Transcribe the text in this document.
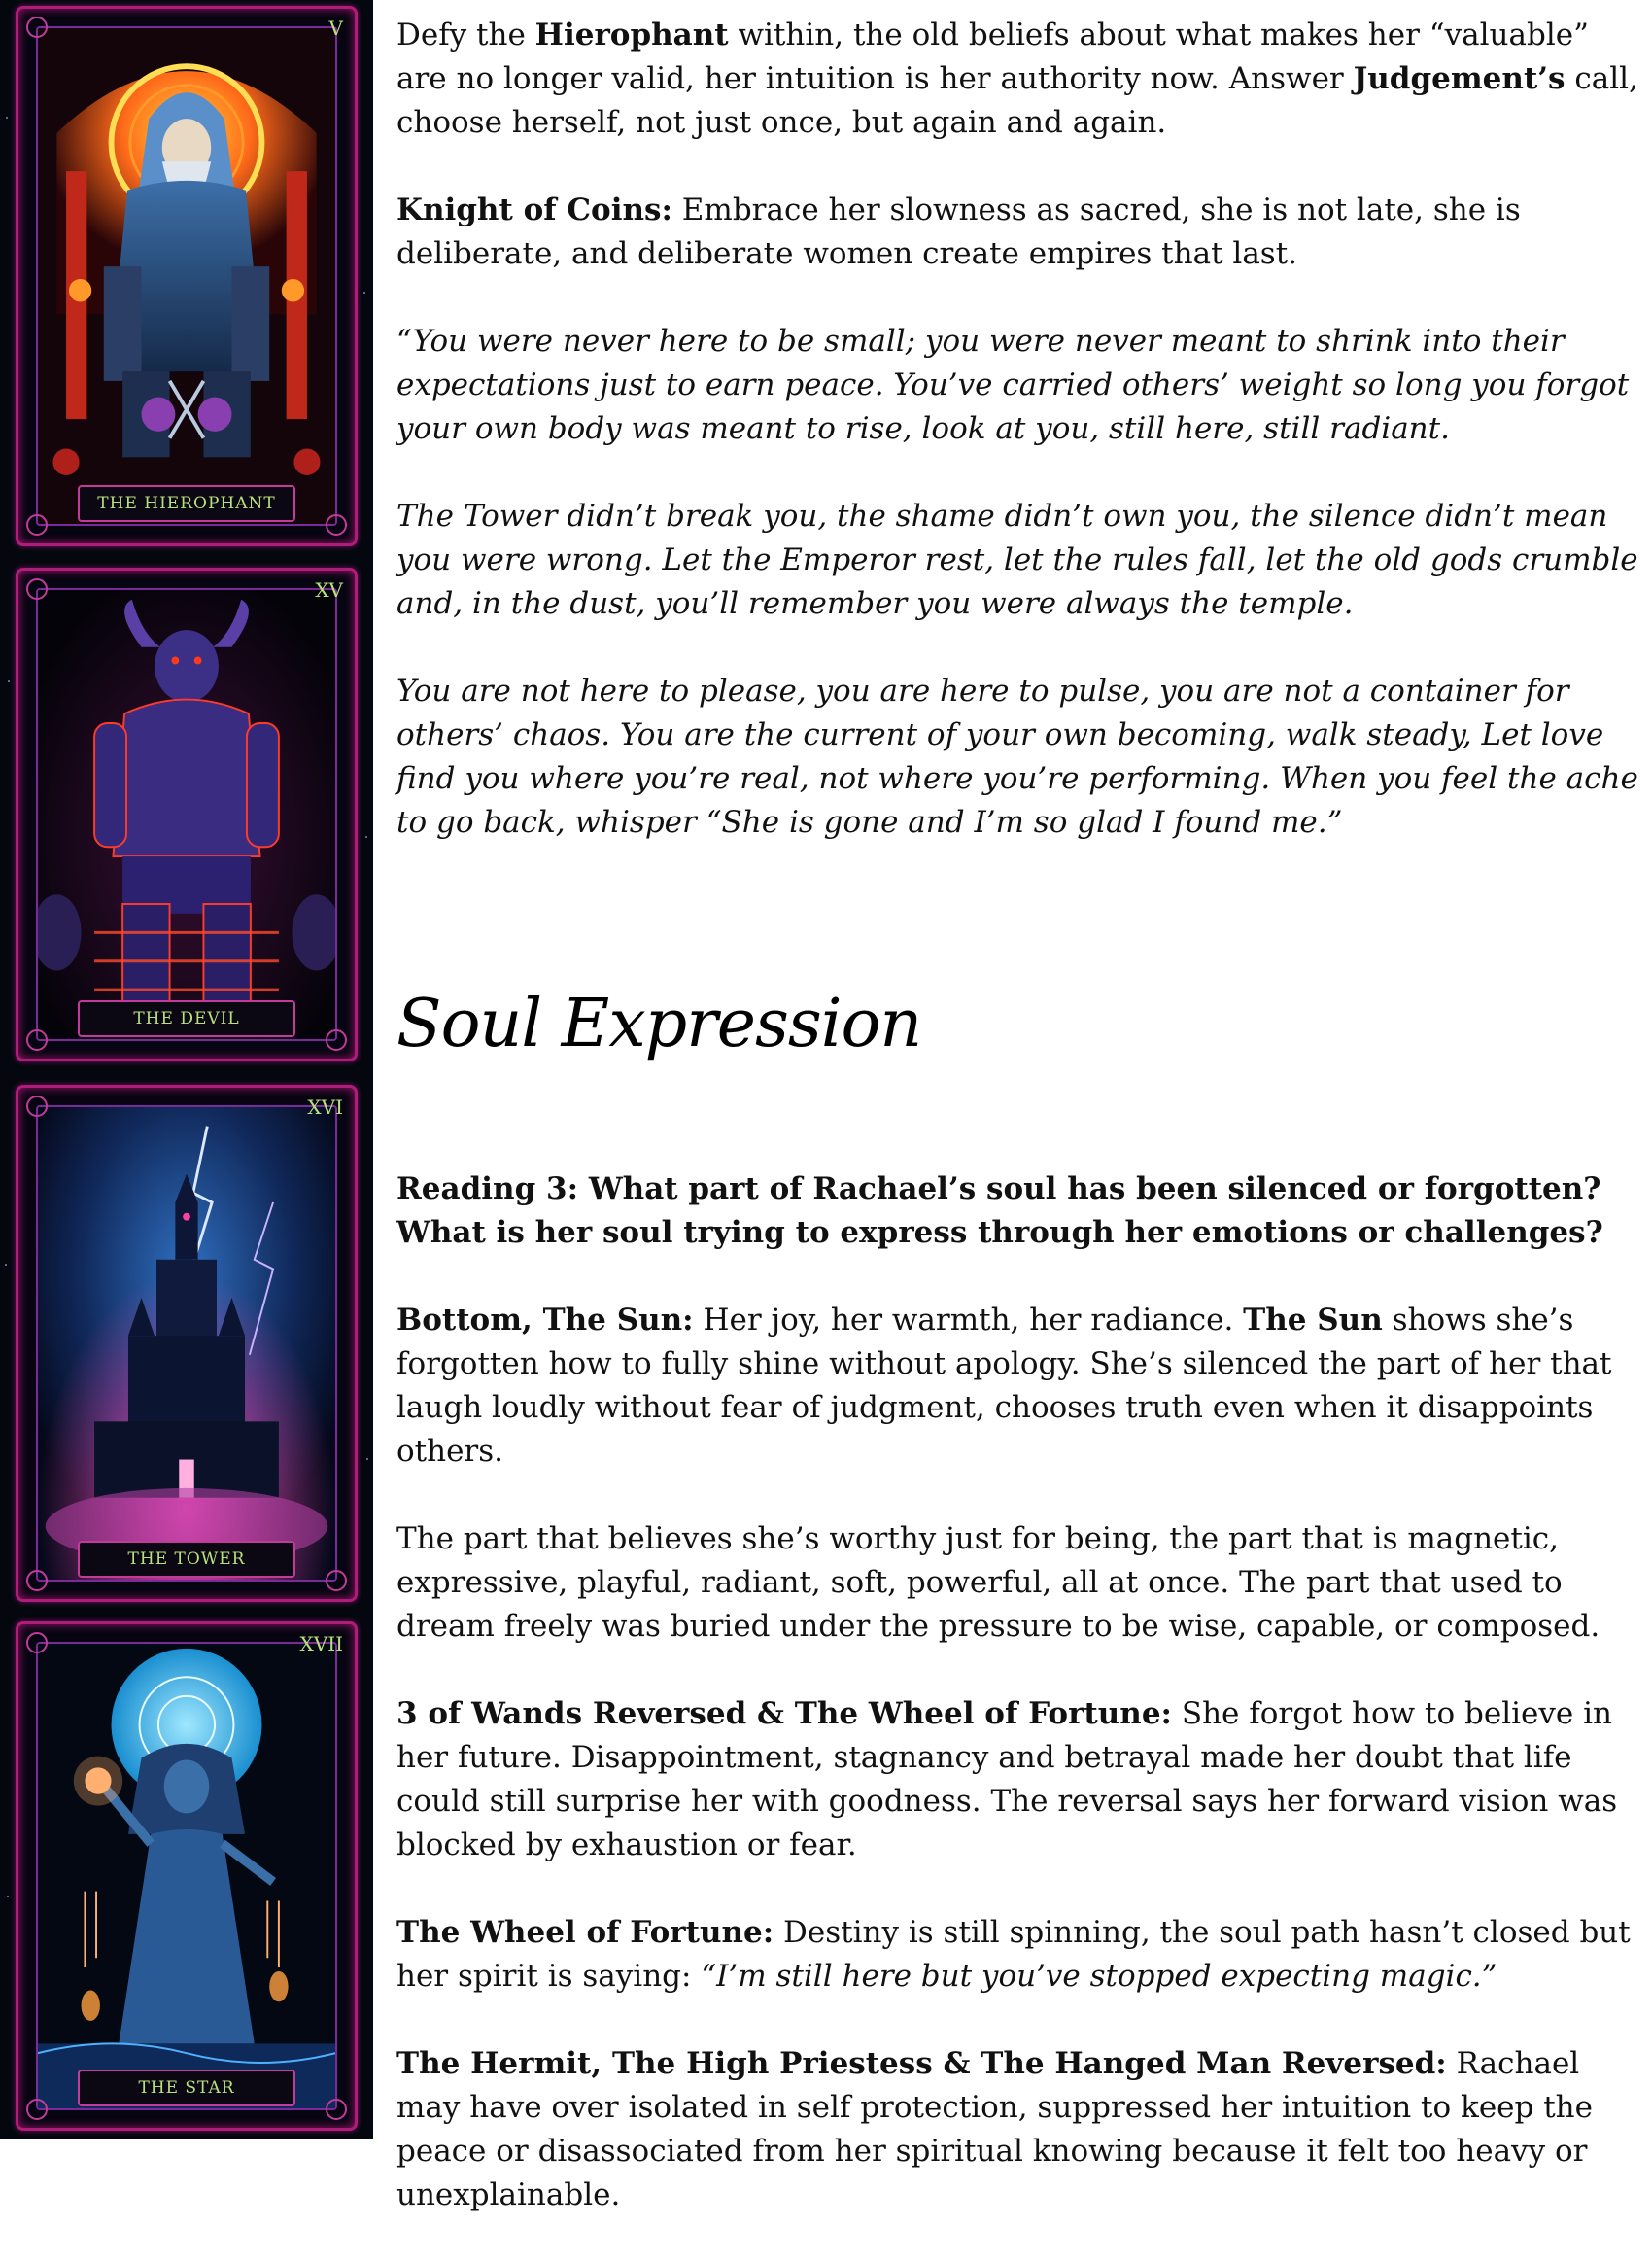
V
THE HIEROPHANT
XV
THE DEVIL
XVI
THE TOWER
XVII
THE STAR

Defy the Hierophant within, the old beliefs about what makes her “valuable” are no longer valid, her intuition is her authority now. Answer Judgement’s call, choose herself, not just once, but again and again.

Knight of Coins: Embrace her slowness as sacred, she is not late, she is deliberate, and deliberate women create empires that last.

“You were never here to be small; you were never meant to shrink into their expectations just to earn peace. You’ve carried others’ weight so long you forgot your own body was meant to rise, look at you, still here, still radiant.

The Tower didn’t break you, the shame didn’t own you, the silence didn’t mean you were wrong. Let the Emperor rest, let the rules fall, let the old gods crumble and, in the dust, you’ll remember you were always the temple.

You are not here to please, you are here to pulse, you are not a container for others’ chaos. You are the current of your own becoming, walk steady, Let love find you where you’re real, not where you’re performing. When you feel the ache to go back, whisper “She is gone and I’m so glad I found me.”

Soul Expression

Reading 3: What part of Rachael’s soul has been silenced or forgotten? What is her soul trying to express through her emotions or challenges?

Bottom, The Sun: Her joy, her warmth, her radiance. The Sun shows she’s forgotten how to fully shine without apology. She’s silenced the part of her that laugh loudly without fear of judgment, chooses truth even when it disappoints others.

The part that believes she’s worthy just for being, the part that is magnetic, expressive, playful, radiant, soft, powerful, all at once. The part that used to dream freely was buried under the pressure to be wise, capable, or composed.

3 of Wands Reversed & The Wheel of Fortune: She forgot how to believe in her future. Disappointment, stagnancy and betrayal made her doubt that life could still surprise her with goodness. The reversal says her forward vision was blocked by exhaustion or fear.

The Wheel of Fortune: Destiny is still spinning, the soul path hasn’t closed but her spirit is saying: “I’m still here but you’ve stopped expecting magic.”

The Hermit, The High Priestess & The Hanged Man Reversed: Rachael may have over isolated in self protection, suppressed her intuition to keep the peace or disassociated from her spiritual knowing because it felt too heavy or unexplainable.
